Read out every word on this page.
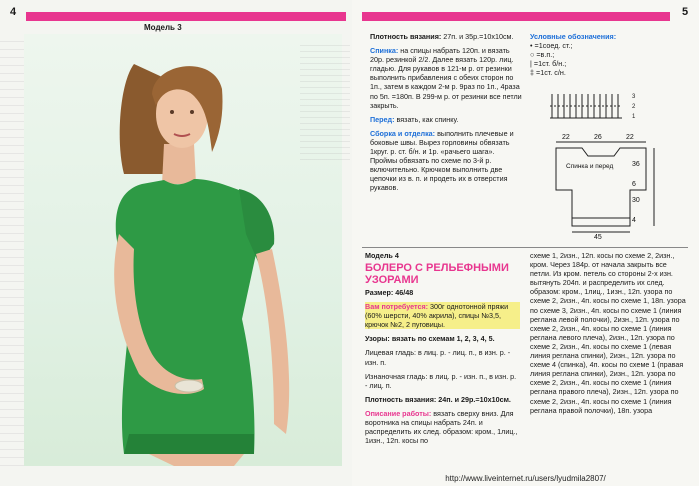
4
Модель 3
5

Плотность вязания: 27п. и 35р.=10х10см.

Спинка: на спицы набрать 120п. и вязать 20р. резинкой 2/2. Далее вязать 120р. лиц. гладью. Для рукавов в 121-м р. от резинки выполнить прибавления с обеих сторон по 1п., затем в каждом 2-м р. 9раз по 1п., 4раза по 5п. =180п. В 299-м р. от резинки все петли закрыть.

Перед: вязать, как спинку.

Сборка и отделка: выполнить плечевые и боковые швы. Вырез горловины обвязать 1круг. р. ст. б/н. и 1р. «рачьего шага». Проймы обвязать по схеме по 3-й р. включительно. Крючком выполнить две цепочки из в. п. и продеть их в отверстия рукавов.

Условные обозначения:
• =1соед. ст.;
○ =в.п.;
| =1ст. б/н.;
‡ =1ст. с/н.
3
2
1
22	26	22
Спинка и перед	36
6
30
4
45
Модель 4
БОЛЕРО С РЕЛЬЕФНЫМИ УЗОРАМИ

Размер: 46/48

Вам потребуется: 300г однотонной пряжи (60% шерсти, 40% акрила), спицы №3,5, крючок №2, 2 пуговицы.

Узоры: вязать по схемам 1, 2, 3, 4, 5.

Лицевая гладь: в лиц. р. - лиц. п., в изн. р. - изн. п.

Изнаночная гладь: в лиц. р. - изн. п., в изн. р. - лиц. п.

Плотность вязания: 24п. и 29р.=10х10см.

Описание работы: вязать сверху вниз. Для воротника на спицы набрать 24п. и распределить их след. образом: кром., 1лиц., 1изн., 12п. косы по

схеме 1, 2изн., 12п. косы по схеме 2, 2изн., кром. Через 184р. от начала закрыть все петли. Из кром. петель со стороны 2-х изн. вытянуть 204п. и распределить их след. образом: кром., 1лиц., 1изн., 12п. узора по схеме 2, 2изн., 4п. косы по схеме 1, 18п. узора по схеме 3, 2изн., 4п. косы по схеме 1 (линия реглана левой полочки), 2изн., 12п. узора по схеме 2, 2изн., 4п. косы по схеме 1 (линия реглана левого плеча), 2изн., 12п. узора по схеме 2, 2изн., 4п. косы по схеме 1 (левая линия реглана спинки), 2изн., 12п. узора по схеме 4 (спинка), 4п. косы по схеме 1 (правая линия реглана спинки), 2изн., 12п. узора по схеме 2, 2изн., 4п. косы по схеме 1 (линия реглана правого плеча), 2изн., 12п. узора по схеме 2, 2изн., 4п. косы по схеме 1 (линия реглана правой полочки), 18п. узора
http://www.liveinternet.ru/users/lyudmila2807/
